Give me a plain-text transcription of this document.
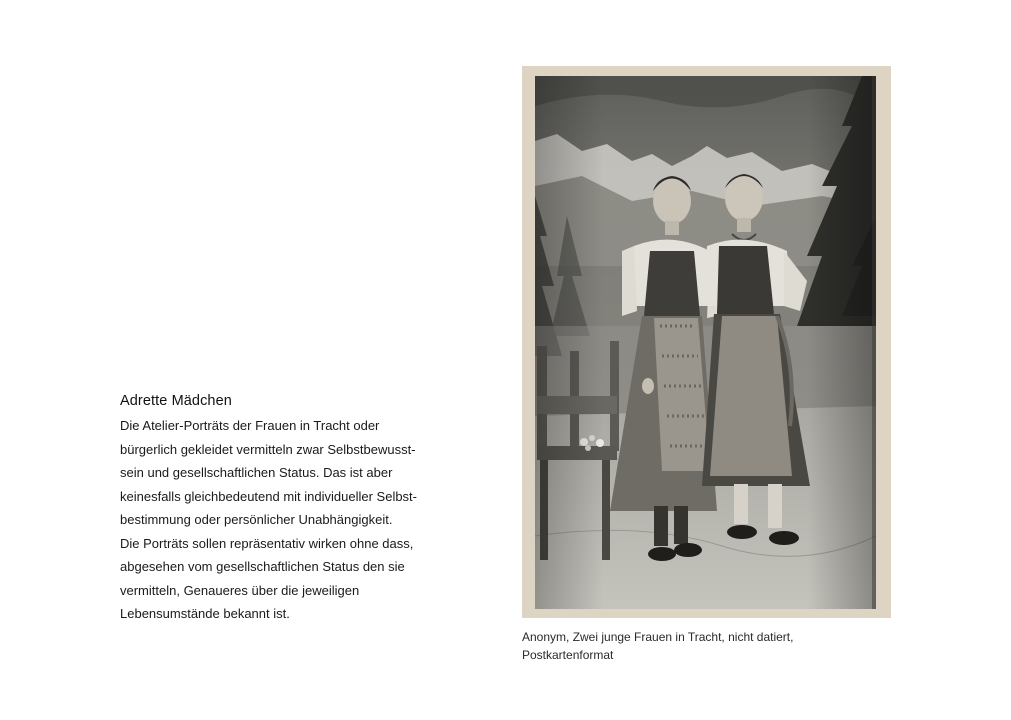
Adrette Mädchen
Die Atelier-Porträts der Frauen in Tracht oder
bürgerlich gekleidet vermitteln zwar Selbstbewusst-
sein und gesellschaftlichen Status. Das ist aber
keinesfalls gleichbedeutend mit individueller Selbst-
bestimmung oder persönlicher Unabhängigkeit.
Die Porträts sollen repräsentativ wirken ohne dass,
abgesehen vom gesellschaftlichen Status den sie
vermitteln, Genaueres über die jeweiligen
Lebensumstände bekannt ist.
Anonym, Zwei junge Frauen in Tracht, nicht datiert,
Postkartenformat
